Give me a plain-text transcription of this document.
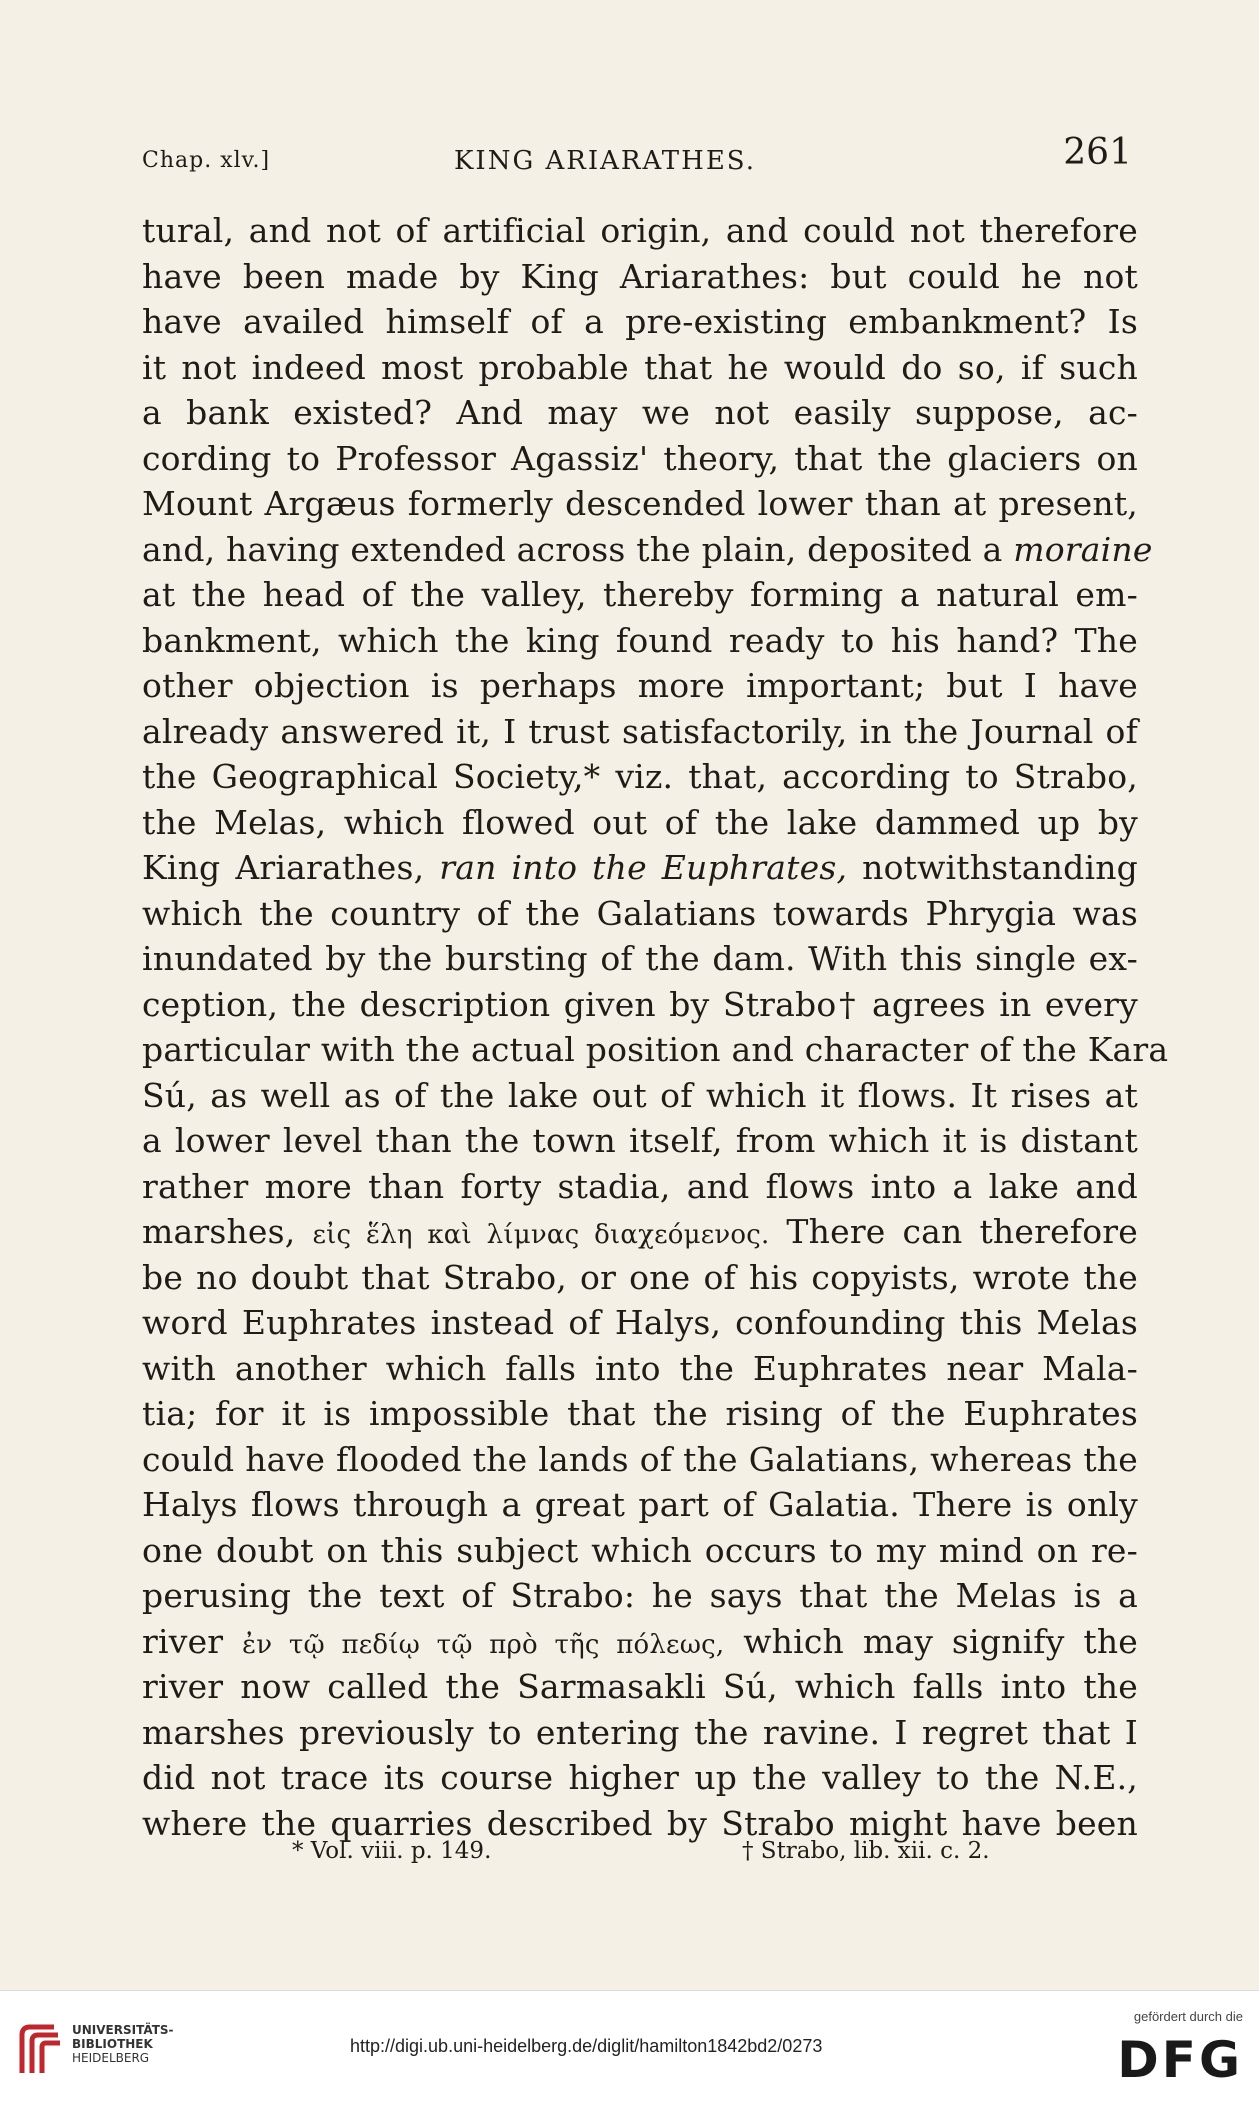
Chap. xlv.]	KING ARIARATHES.	261
tural, and not of artificial origin, and could not therefore
have been made by King Ariarathes: but could he not
have availed himself of a pre-existing embankment? Is
it not indeed most probable that he would do so, if such
a bank existed? And may we not easily suppose, ac-
cording to Professor Agassiz' theory, that the glaciers on
Mount Argæus formerly descended lower than at present,
and, having extended across the plain, deposited a moraine
at the head of the valley, thereby forming a natural em-
bankment, which the king found ready to his hand? The
other objection is perhaps more important; but I have
already answered it, I trust satisfactorily, in the Journal of
the Geographical Society,* viz. that, according to Strabo,
the Melas, which flowed out of the lake dammed up by
King Ariarathes, ran into the Euphrates, notwithstanding
which the country of the Galatians towards Phrygia was
inundated by the bursting of the dam. With this single ex-
ception, the description given by Strabo† agrees in every
particular with the actual position and character of the Kara
Sú, as well as of the lake out of which it flows. It rises at
a lower level than the town itself, from which it is distant
rather more than forty stadia, and flows into a lake and
marshes, εἰς ἕλη καὶ λίμνας διαχεόμενος. There can therefore
be no doubt that Strabo, or one of his copyists, wrote the
word Euphrates instead of Halys, confounding this Melas
with another which falls into the Euphrates near Mala-
tia; for it is impossible that the rising of the Euphrates
could have flooded the lands of the Galatians, whereas the
Halys flows through a great part of Galatia. There is only
one doubt on this subject which occurs to my mind on re-
perusing the text of Strabo: he says that the Melas is a
river ἐν τῷ πεδίῳ τῷ πρὸ τῆς πόλεως, which may signify the
river now called the Sarmasakli Sú, which falls into the
marshes previously to entering the ravine. I regret that I
did not trace its course higher up the valley to the N.E.,
where the quarries described by Strabo might have been
* Vol. viii. p. 149.	† Strabo, lib. xii. c. 2.
UNIVERSITÄTS-
BIBLIOTHEK
HEIDELBERG
http://digi.ub.uni-heidelberg.de/diglit/hamilton1842bd2/0273
gefördert durch die
DFG
